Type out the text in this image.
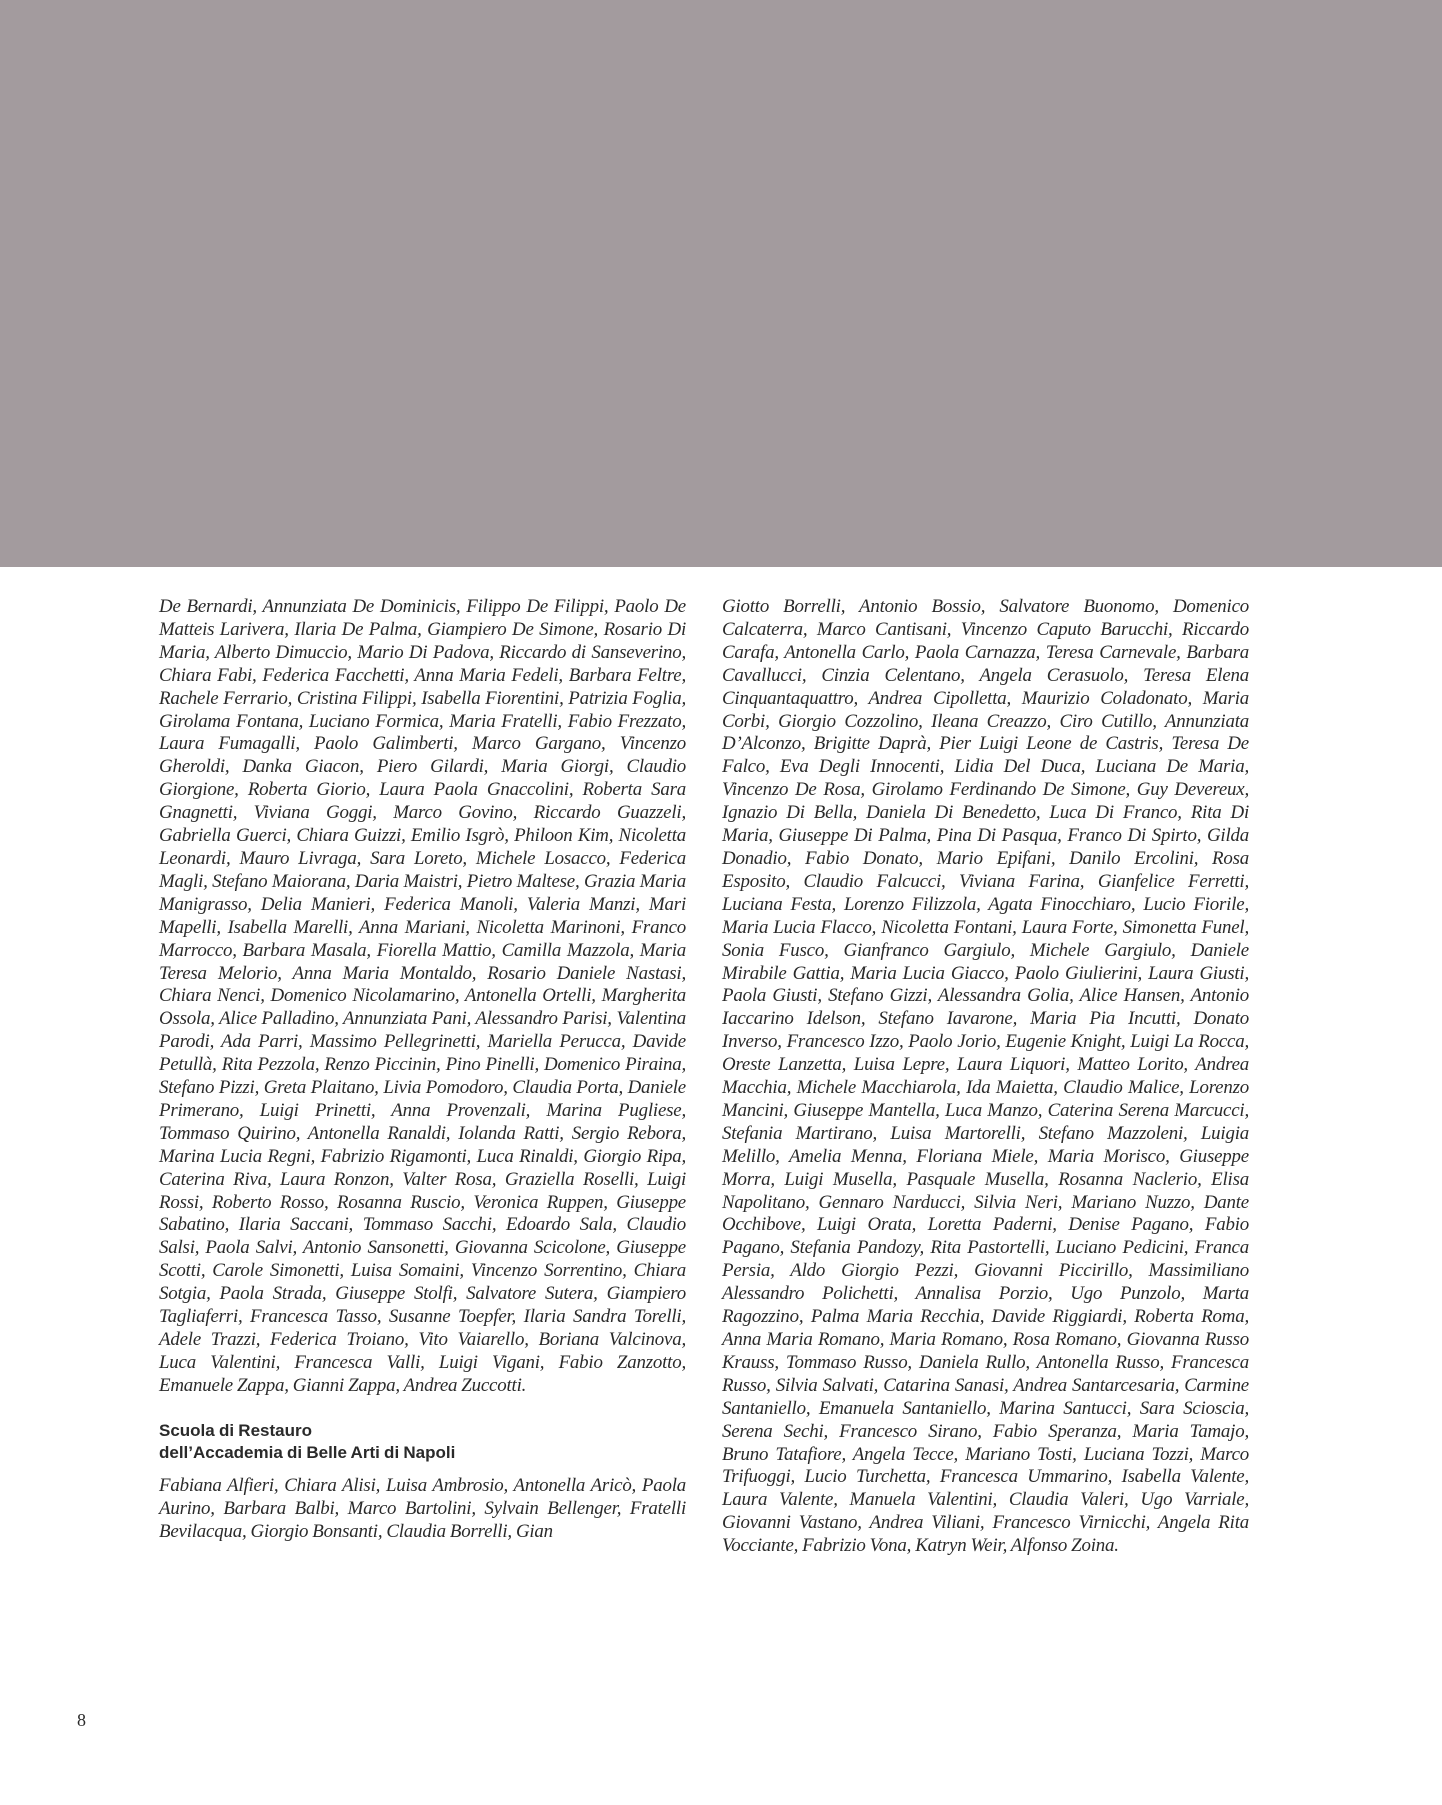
De Bernardi, Annunziata De Dominicis, Filippo De Filippi, Paolo De Matteis Larivera, Ilaria De Palma, Giampiero De Simone, Rosario Di Maria, Alberto Dimuccio, Mario Di Padova, Riccardo di Sanseverino, Chiara Fabi, Federica Facchetti, Anna Maria Fedeli, Barbara Feltre, Rachele Ferrario, Cristina Filippi, Isabella Fiorentini, Patrizia Foglia, Girolama Fontana, Luciano Formica, Maria Fratelli, Fabio Frezzato, Laura Fumagalli, Paolo Galimberti, Marco Gargano, Vincenzo Gheroldi, Danka Giacon, Piero Gilardi, Maria Giorgi, Claudio Giorgione, Roberta Giorio, Laura Paola Gnaccolini, Roberta Sara Gnagnetti, Viviana Goggi, Marco Govino, Riccardo Guazzeli, Gabriella Guerci, Chiara Guizzi, Emilio Isgrò, Philoon Kim, Nicoletta Leonardi, Mauro Livraga, Sara Loreto, Michele Losacco, Federica Magli, Stefano Maiorana, Daria Maistri, Pietro Maltese, Grazia Maria Manigrasso, Delia Manieri, Federica Manoli, Valeria Manzi, Mari Mapelli, Isabella Marelli, Anna Mariani, Nicoletta Marinoni, Franco Marrocco, Barbara Masala, Fiorella Mattio, Camilla Mazzola, Maria Teresa Melorio, Anna Maria Montaldo, Rosario Daniele Nastasi, Chiara Nenci, Domenico Nicolamarino, Antonella Ortelli, Margherita Ossola, Alice Palladino, Annunziata Pani, Alessandro Parisi, Valentina Parodi, Ada Parri, Massimo Pellegrinetti, Mariella Perucca, Davide Petullà, Rita Pezzola, Renzo Piccinin, Pino Pinelli, Domenico Piraina, Stefano Pizzi, Greta Plaitano, Livia Pomodoro, Claudia Porta, Daniele Primerano, Luigi Prinetti, Anna Provenzali, Marina Pugliese, Tommaso Quirino, Antonella Ranaldi, Iolanda Ratti, Sergio Rebora, Marina Lucia Regni, Fabrizio Rigamonti, Luca Rinaldi, Giorgio Ripa, Caterina Riva, Laura Ronzon, Valter Rosa, Graziella Roselli, Luigi Rossi, Roberto Rosso, Rosanna Ruscio, Veronica Ruppen, Giuseppe Sabatino, Ilaria Saccani, Tommaso Sacchi, Edoardo Sala, Claudio Salsi, Paola Salvi, Antonio Sansonetti, Giovanna Scicolone, Giuseppe Scotti, Carole Simonetti, Luisa Somaini, Vincenzo Sorrentino, Chiara Sotgia, Paola Strada, Giuseppe Stolfi, Salvatore Sutera, Giampiero Tagliaferri, Francesca Tasso, Susanne Toepfer, Ilaria Sandra Torelli, Adele Trazzi, Federica Troiano, Vito Vaiarello, Boriana Valcinova, Luca Valentini, Francesca Valli, Luigi Vigani, Fabio Zanzotto, Emanuele Zappa, Gianni Zappa, Andrea Zuccotti.

Scuola di Restauro
dell’Accademia di Belle Arti di Napoli

Fabiana Alfieri, Chiara Alisi, Luisa Ambrosio, Antonella Aricò, Paola Aurino, Barbara Balbi, Marco Bartolini, Sylvain Bellenger, Fratelli Bevilacqua, Giorgio Bonsanti, Claudia Borrelli, Gian

Giotto Borrelli, Antonio Bossio, Salvatore Buonomo, Domenico Calcaterra, Marco Cantisani, Vincenzo Caputo Barucchi, Riccardo Carafa, Antonella Carlo, Paola Carnazza, Teresa Carnevale, Barbara Cavallucci, Cinzia Celentano, Angela Cerasuolo, Teresa Elena Cinquantaquattro, Andrea Cipolletta, Maurizio Coladonato, Maria Corbi, Giorgio Cozzolino, Ileana Creazzo, Ciro Cutillo, Annunziata D’Alconzo, Brigitte Daprà, Pier Luigi Leone de Castris, Teresa De Falco, Eva Degli Innocenti, Lidia Del Duca, Luciana De Maria, Vincenzo De Rosa, Girolamo Ferdinando De Simone, Guy Devereux, Ignazio Di Bella, Daniela Di Benedetto, Luca Di Franco, Rita Di Maria, Giuseppe Di Palma, Pina Di Pasqua, Franco Di Spirto, Gilda Donadio, Fabio Donato, Mario Epifani, Danilo Ercolini, Rosa Esposito, Claudio Falcucci, Viviana Farina, Gianfelice Ferretti, Luciana Festa, Lorenzo Filizzola, Agata Finocchiaro, Lucio Fiorile, Maria Lucia Flacco, Nicoletta Fontani, Laura Forte, Simonetta Funel, Sonia Fusco, Gianfranco Gargiulo, Michele Gargiulo, Daniele Mirabile Gattia, Maria Lucia Giacco, Paolo Giulierini, Laura Giusti, Paola Giusti, Stefano Gizzi, Alessandra Golia, Alice Hansen, Antonio Iaccarino Idelson, Stefano Iavarone, Maria Pia Incutti, Donato Inverso, Francesco Izzo, Paolo Jorio, Eugenie Knight, Luigi La Rocca, Oreste Lanzetta, Luisa Lepre, Laura Liquori, Matteo Lorito, Andrea Macchia, Michele Macchiarola, Ida Maietta, Claudio Malice, Lorenzo Mancini, Giuseppe Mantella, Luca Manzo, Caterina Serena Marcucci, Stefania Martirano, Luisa Martorelli, Stefano Mazzoleni, Luigia Melillo, Amelia Menna, Floriana Miele, Maria Morisco, Giuseppe Morra, Luigi Musella, Pasquale Musella, Rosanna Naclerio, Elisa Napolitano, Gennaro Narducci, Silvia Neri, Mariano Nuzzo, Dante Occhibove, Luigi Orata, Loretta Paderni, Denise Pagano, Fabio Pagano, Stefania Pandozy, Rita Pastortelli, Luciano Pedicini, Franca Persia, Aldo Giorgio Pezzi, Giovanni Piccirillo, Massimiliano Alessandro Polichetti, Annalisa Porzio, Ugo Punzolo, Marta Ragozzino, Palma Maria Recchia, Davide Riggiardi, Roberta Roma, Anna Maria Romano, Maria Romano, Rosa Romano, Giovanna Russo Krauss, Tommaso Russo, Daniela Rullo, Antonella Russo, Francesca Russo, Silvia Salvati, Catarina Sanasi, Andrea Santarcesaria, Carmine Santaniello, Emanuela Santaniello, Marina Santucci, Sara Scioscia, Serena Sechi, Francesco Sirano, Fabio Speranza, Maria Tamajo, Bruno Tatafiore, Angela Tecce, Mariano Tosti, Luciana Tozzi, Marco Trifuoggi, Lucio Turchetta, Francesca Ummarino, Isabella Valente, Laura Valente, Manuela Valentini, Claudia Valeri, Ugo Varriale, Giovanni Vastano, Andrea Viliani, Francesco Virnicchi, Angela Rita Vocciante, Fabrizio Vona, Katryn Weir, Alfonso Zoina.

8
